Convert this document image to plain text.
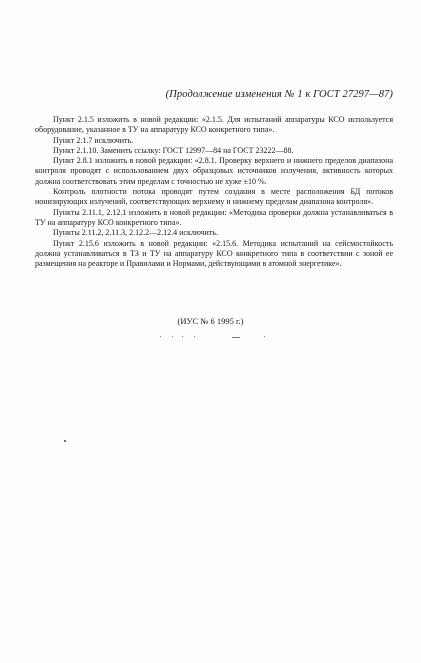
(Продолжение изменения № 1 к ГОСТ 27297—87)

Пункт 2.1.5 изложить в новой редакции: «2.1.5. Для испытаний аппаратуры КСО используется оборудование, указанное в ТУ на аппаратуру КСО конкретного типа».

Пункт 2.1.7 исключить.

Пункт 2.1.10. Заменить ссылку: ГОСТ 12997—84 на ГОСТ 23222—88.

Пункт 2.8.1 изложить в новой редакции: «2.8.1. Проверку верхнего и нижнего пределов диапазона контроля проводят с использованием двух образцовых источников излучения, активность которых должна соответствовать этим пределам с точностью не хуже ±10 %.

Контроль плотности потока проводят путем создания в месте расположения БД потоков ионизирующих излучений, соответствующих верхнему и нижнему пределам диапазона контроля».

Пункты 2.11.1, 2.12.1 изложить в новой редакции: «Методика проверки должна устанавливаться в ТУ на аппаратуру КСО конкретного типа».

Пункты 2.11.2, 2.11.3, 2.12.2—2.12.4 исключить.

Пункт 2.15.6 изложить в новой редакции: «2.15.6. Методика испытаний на сейсмостойкость должна устанавливаться в ТЗ и ТУ на аппаратуру КСО конкретного типа в соответствии с зоной ее размещения на реакторе и Правилами и Нормами, действующими в атомной энергетике».

(ИУС № 6 1995 г.)
